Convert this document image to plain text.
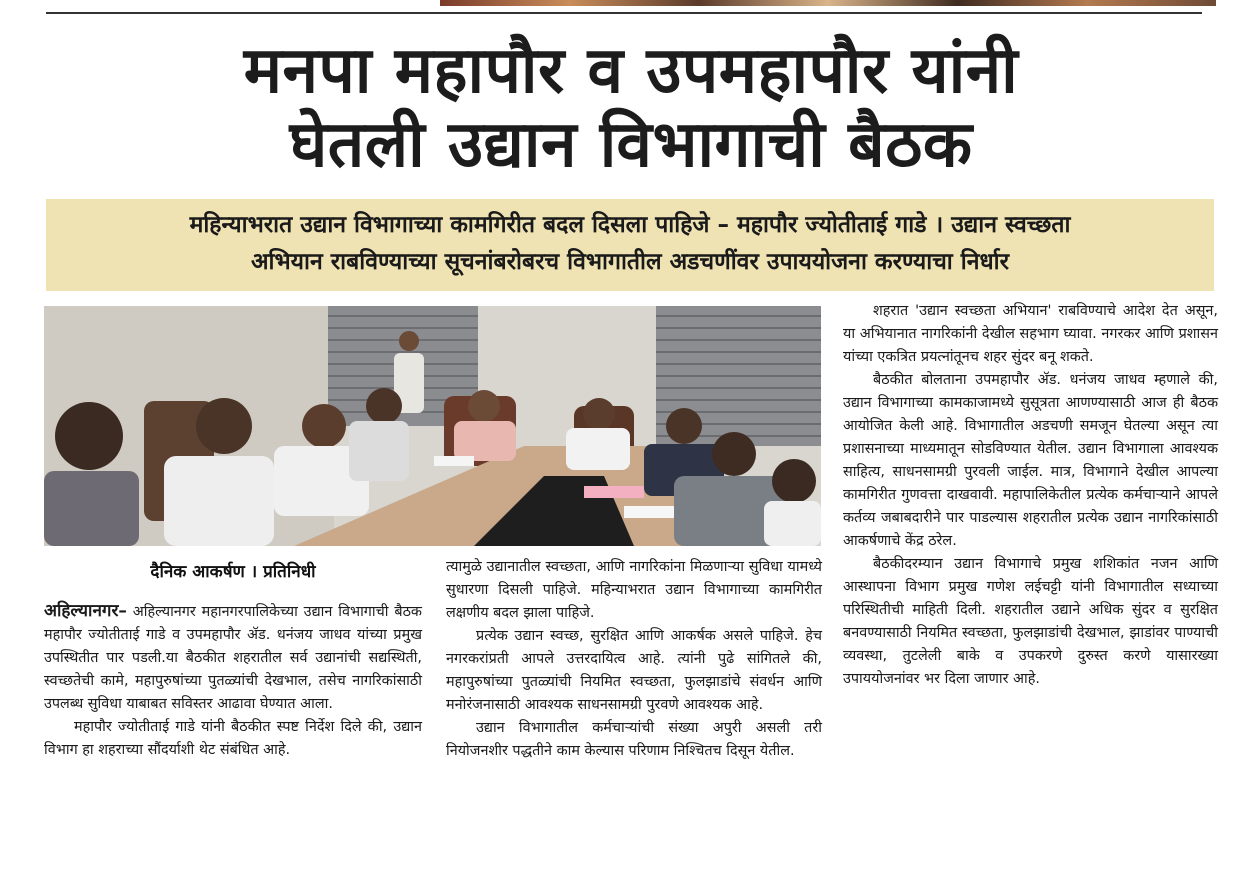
मनपा महापौर व उपमहापौर यांनी
घेतली उद्यान विभागाची बैठक
महिन्याभरात उद्यान विभागाच्या कामगिरीत बदल दिसला पाहिजे – महापौर ज्योतीताई गाडे । उद्यान स्वच्छता
अभियान राबविण्याच्या सूचनांबरोबरच विभागातील अडचणींवर उपाययोजना करण्याचा निर्धार
दैनिक आकर्षण । प्रतिनिधी

अहिल्यानगर– अहिल्यानगर महानगरपालिकेच्या उद्यान विभागाची बैठक महापौर ज्योतीताई गाडे व उपमहापौर ॲड. धनंजय जाधव यांच्या प्रमुख उपस्थितीत पार पडली.या बैठकीत शहरातील सर्व उद्यानांची सद्यस्थिती, स्वच्छतेची कामे, महापुरुषांच्या पुतळ्यांची देखभाल, तसेच नागरिकांसाठी उपलब्ध सुविधा याबाबत सविस्तर आढावा घेण्यात आला.

महापौर ज्योतीताई गाडे यांनी बैठकीत स्पष्ट निर्देश दिले की, उद्यान विभाग हा शहराच्या सौंदर्याशी थेट संबंधित आहे.

त्यामुळे उद्यानातील स्वच्छता, आणि नागरिकांना मिळणाऱ्या सुविधा यामध्ये सुधारणा दिसली पाहिजे. महिन्याभरात उद्यान विभागाच्या कामगिरीत लक्षणीय बदल झाला पाहिजे.

प्रत्येक उद्यान स्वच्छ, सुरक्षित आणि आकर्षक असले पाहिजे. हेच नगरकरांप्रती आपले उत्तरदायित्व आहे. त्यांनी पुढे सांगितले की, महापुरुषांच्या पुतळ्यांची नियमित स्वच्छता, फुलझाडांचे संवर्धन आणि मनोरंजनासाठी आवश्यक साधनसामग्री पुरवणे आवश्यक आहे.

उद्यान विभागातील कर्मचाऱ्यांची संख्या अपुरी असली तरी नियोजनशीर पद्धतीने काम केल्यास परिणाम निश्चितच दिसून येतील.

शहरात 'उद्यान स्वच्छता अभियान' राबविण्याचे आदेश देत असून, या अभियानात नागरिकांनी देखील सहभाग घ्यावा. नगरकर आणि प्रशासन यांच्या एकत्रित प्रयत्नांतूनच शहर सुंदर बनू शकते.

बैठकीत बोलताना उपमहापौर ॲड. धनंजय जाधव म्हणाले की, उद्यान विभागाच्या कामकाजामध्ये सुसूत्रता आणण्यासाठी आज ही बैठक आयोजित केली आहे. विभागातील अडचणी समजून घेतल्या असून त्या प्रशासनाच्या माध्यमातून सोडविण्यात येतील. उद्यान विभागाला आवश्यक साहित्य, साधनसामग्री पुरवली जाईल. मात्र, विभागाने देखील आपल्या कामगिरीत गुणवत्ता दाखवावी. महापालिकेतील प्रत्येक कर्मचाऱ्याने आपले कर्तव्य जबाबदारीने पार पाडल्यास शहरातील प्रत्येक उद्यान नागरिकांसाठी आकर्षणाचे केंद्र ठरेल.

बैठकीदरम्यान उद्यान विभागाचे प्रमुख शशिकांत नजन आणि आस्थापना विभाग प्रमुख गणेश लईचट्टी यांनी विभागातील सध्याच्या परिस्थितीची माहिती दिली. शहरातील उद्याने अधिक सुंदर व सुरक्षित बनवण्यासाठी नियमित स्वच्छता, फुलझाडांची देखभाल, झाडांवर पाण्याची व्यवस्था, तुटलेली बाके व उपकरणे दुरुस्त करणे यासारख्या उपाययोजनांवर भर दिला जाणार आहे.
